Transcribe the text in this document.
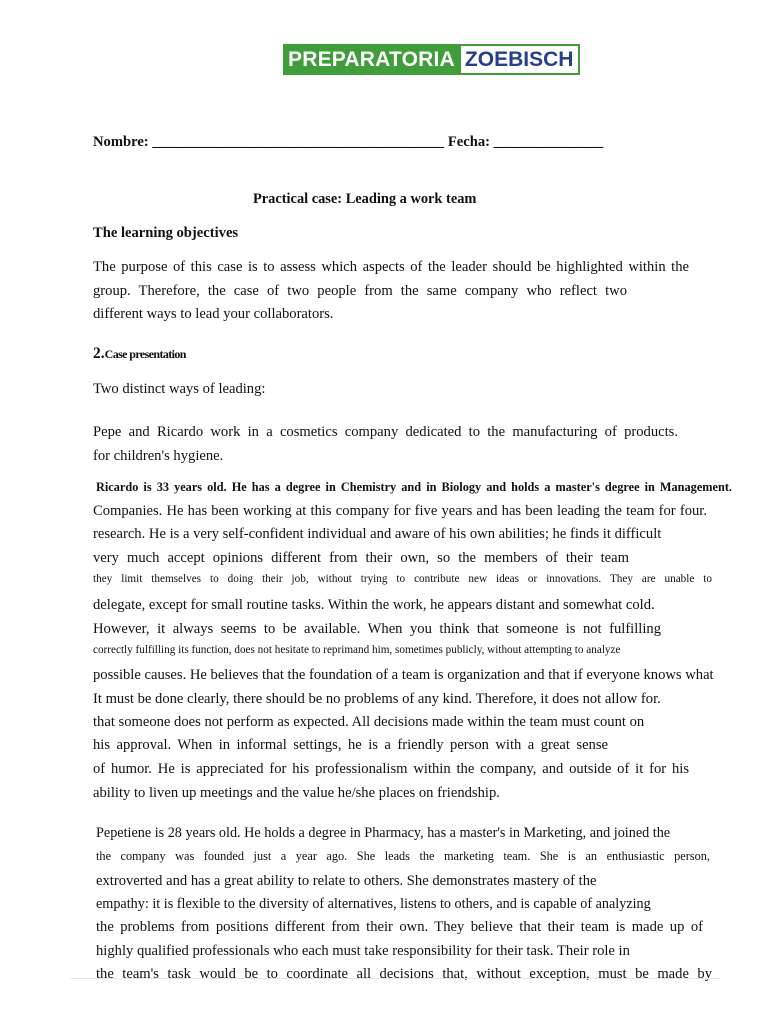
PREPARATORIA ZOEBISCH
Nombre: ________________________________________ Fecha: _______________
Practical case: Leading a work team
The learning objectives
The purpose of this case is to assess which aspects of the leader should be highlighted within the
group. Therefore, the case of two people from the same company who reflect two
different ways to lead your collaborators.
2.Case presentation
Two distinct ways of leading:
Pepe and Ricardo work in a cosmetics company dedicated to the manufacturing of products.
for children's hygiene.
Ricardo is 33 years old. He has a degree in Chemistry and in Biology and holds a master's degree in Management.
Companies. He has been working at this company for five years and has been leading the team for four.
research. He is a very self-confident individual and aware of his own abilities; he finds it difficult
very much accept opinions different from their own, so the members of their team
they limit themselves to doing their job, without trying to contribute new ideas or innovations. They are unable to
delegate, except for small routine tasks. Within the work, he appears distant and somewhat cold.
However, it always seems to be available. When you think that someone is not fulfilling
correctly fulfilling its function, does not hesitate to reprimand him, sometimes publicly, without attempting to analyze
possible causes. He believes that the foundation of a team is organization and that if everyone knows what
It must be done clearly, there should be no problems of any kind. Therefore, it does not allow for.
that someone does not perform as expected. All decisions made within the team must count on
his approval. When in informal settings, he is a friendly person with a great sense
of humor. He is appreciated for his professionalism within the company, and outside of it for his
ability to liven up meetings and the value he/she places on friendship.
Pepetiene is 28 years old. He holds a degree in Pharmacy, has a master's in Marketing, and joined the
the company was founded just a year ago. She leads the marketing team. She is an enthusiastic person,
extroverted and has a great ability to relate to others. She demonstrates mastery of the
empathy: it is flexible to the diversity of alternatives, listens to others, and is capable of analyzing
the problems from positions different from their own. They believe that their team is made up of
highly qualified professionals who each must take responsibility for their task. Their role in
the team's task would be to coordinate all decisions that, without exception, must be made by
